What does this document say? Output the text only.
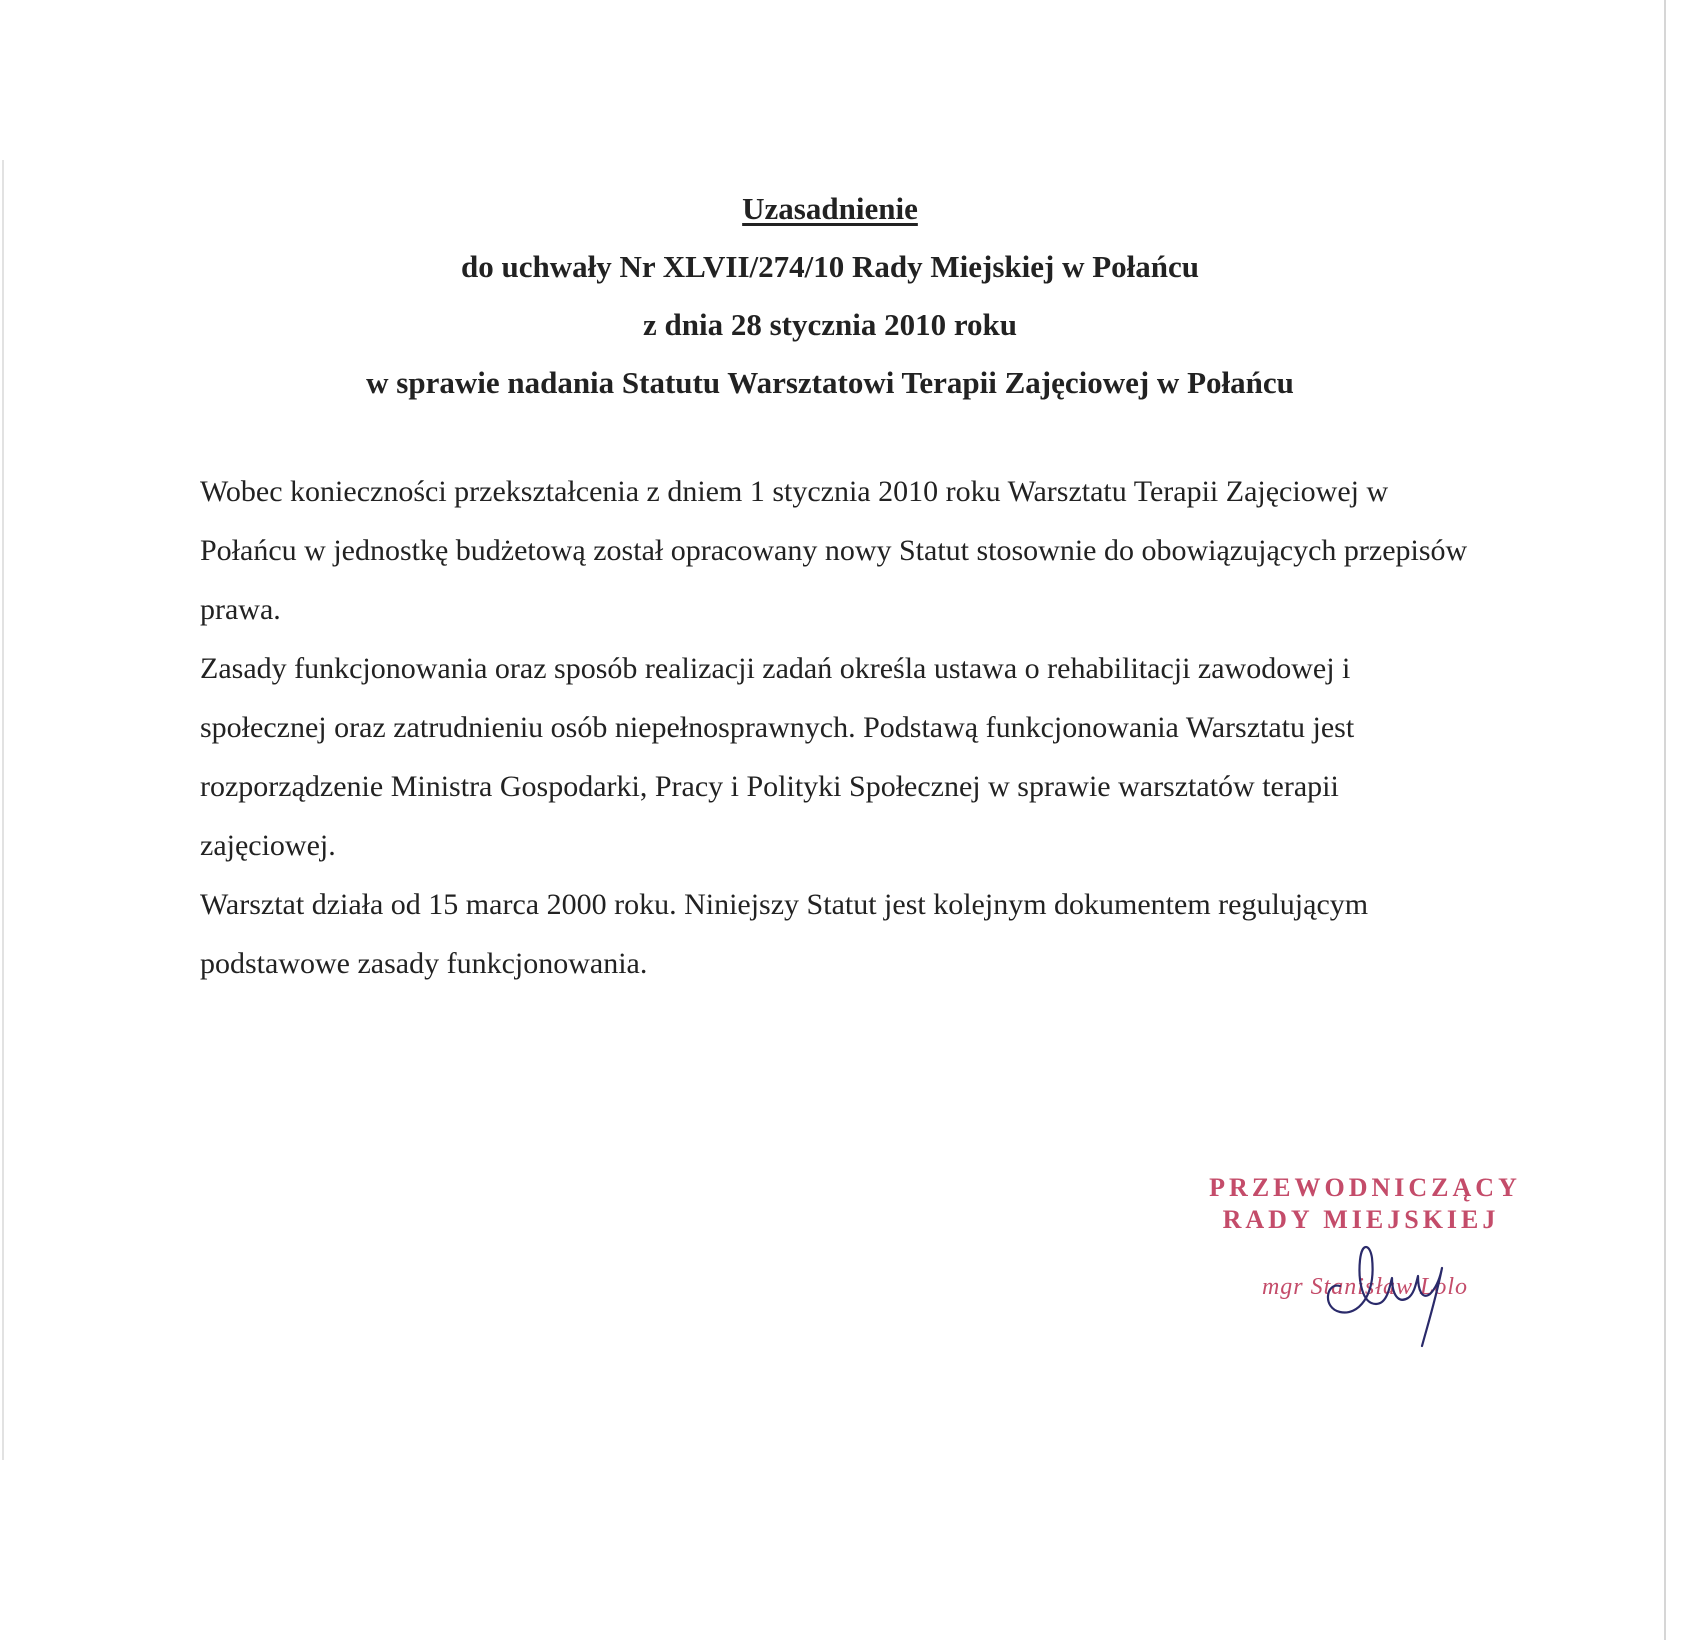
Uzasadnienie
do uchwały Nr XLVII/274/10 Rady Miejskiej w Połańcu
z dnia 28 stycznia 2010 roku
w sprawie nadania Statutu Warsztatowi Terapii Zajęciowej w Połańcu

Wobec konieczności przekształcenia z dniem 1 stycznia 2010 roku Warsztatu Terapii Zajęciowej w Połańcu w jednostkę budżetową został opracowany nowy Statut stosownie do obowiązujących przepisów prawa.

Zasady funkcjonowania oraz sposób realizacji zadań określa ustawa o rehabilitacji zawodowej i społecznej oraz zatrudnieniu osób niepełnosprawnych. Podstawą funkcjonowania Warsztatu jest rozporządzenie Ministra Gospodarki, Pracy i Polityki Społecznej w sprawie warsztatów terapii zajęciowej.

Warsztat działa od 15 marca 2000 roku. Niniejszy Statut jest kolejnym dokumentem regulującym podstawowe zasady funkcjonowania.

PRZEWODNICZĄCY
RADY MIEJSKIEJ
mgr Stanisław Lolo
